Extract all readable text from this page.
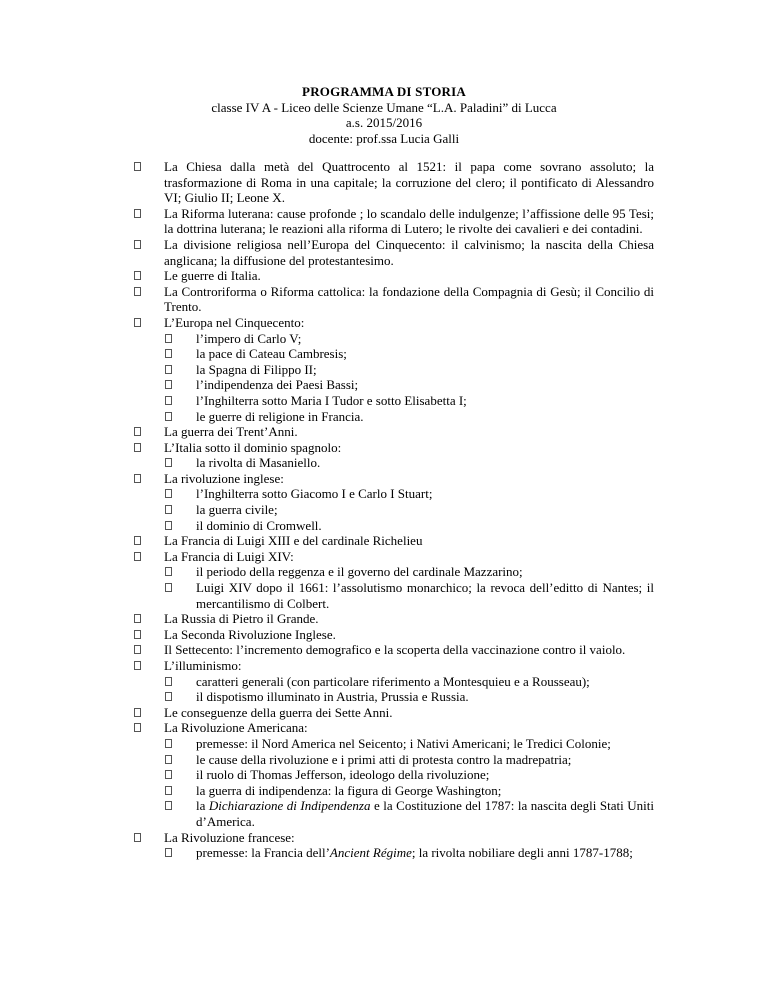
PROGRAMMA DI STORIA
classe IV A - Liceo delle Scienze Umane “L.A. Paladini” di Lucca
a.s. 2015/2016
docente: prof.ssa Lucia Galli
La Chiesa dalla metà del Quattrocento al 1521: il papa come sovrano assoluto; la trasformazione di Roma in una capitale; la corruzione del clero; il pontificato di Alessandro VI; Giulio II; Leone X.
La Riforma luterana: cause profonde ; lo scandalo delle indulgenze; l’affissione delle 95 Tesi; la dottrina luterana; le reazioni alla riforma di Lutero; le rivolte dei cavalieri e dei contadini.
La divisione religiosa nell’Europa del Cinquecento: il calvinismo; la nascita della Chiesa anglicana; la diffusione del protestantesimo.
Le guerre di Italia.
La Controriforma o Riforma cattolica: la fondazione della Compagnia di Gesù; il Concilio di Trento.
L’Europa nel Cinquecento:
l’impero di Carlo V;
la pace di Cateau Cambresis;
la Spagna di Filippo II;
l’indipendenza dei Paesi Bassi;
l’Inghilterra sotto Maria I Tudor e sotto Elisabetta I;
le guerre di religione in Francia.
La guerra dei Trent’Anni.
L’Italia sotto il dominio spagnolo:
la rivolta di Masaniello.
La rivoluzione inglese:
l’Inghilterra sotto Giacomo I e Carlo I Stuart;
la guerra civile;
il dominio di Cromwell.
La Francia di Luigi XIII e del cardinale Richelieu
La Francia di Luigi XIV:
il periodo della reggenza e il governo del cardinale Mazzarino;
Luigi XIV dopo il 1661: l’assolutismo monarchico; la revoca dell’editto di Nantes; il mercantilismo di Colbert.
La Russia di Pietro il Grande.
La Seconda Rivoluzione Inglese.
Il Settecento: l’incremento demografico e la scoperta della vaccinazione contro il vaiolo.
L’illuminismo:
caratteri generali (con particolare riferimento a Montesquieu e a Rousseau);
il dispotismo illuminato in Austria, Prussia e Russia.
Le conseguenze della guerra dei Sette Anni.
La Rivoluzione Americana:
premesse: il Nord America nel Seicento; i Nativi Americani; le Tredici Colonie;
le cause della rivoluzione e i primi atti di protesta contro la madrepatria;
il ruolo di Thomas Jefferson, ideologo della rivoluzione;
la guerra di indipendenza: la figura di George Washington;
la Dichiarazione di Indipendenza e la Costituzione del 1787: la nascita degli Stati Uniti d’America.
La Rivoluzione francese:
premesse: la Francia dell’Ancient Régime; la rivolta nobiliare degli anni 1787-1788;
